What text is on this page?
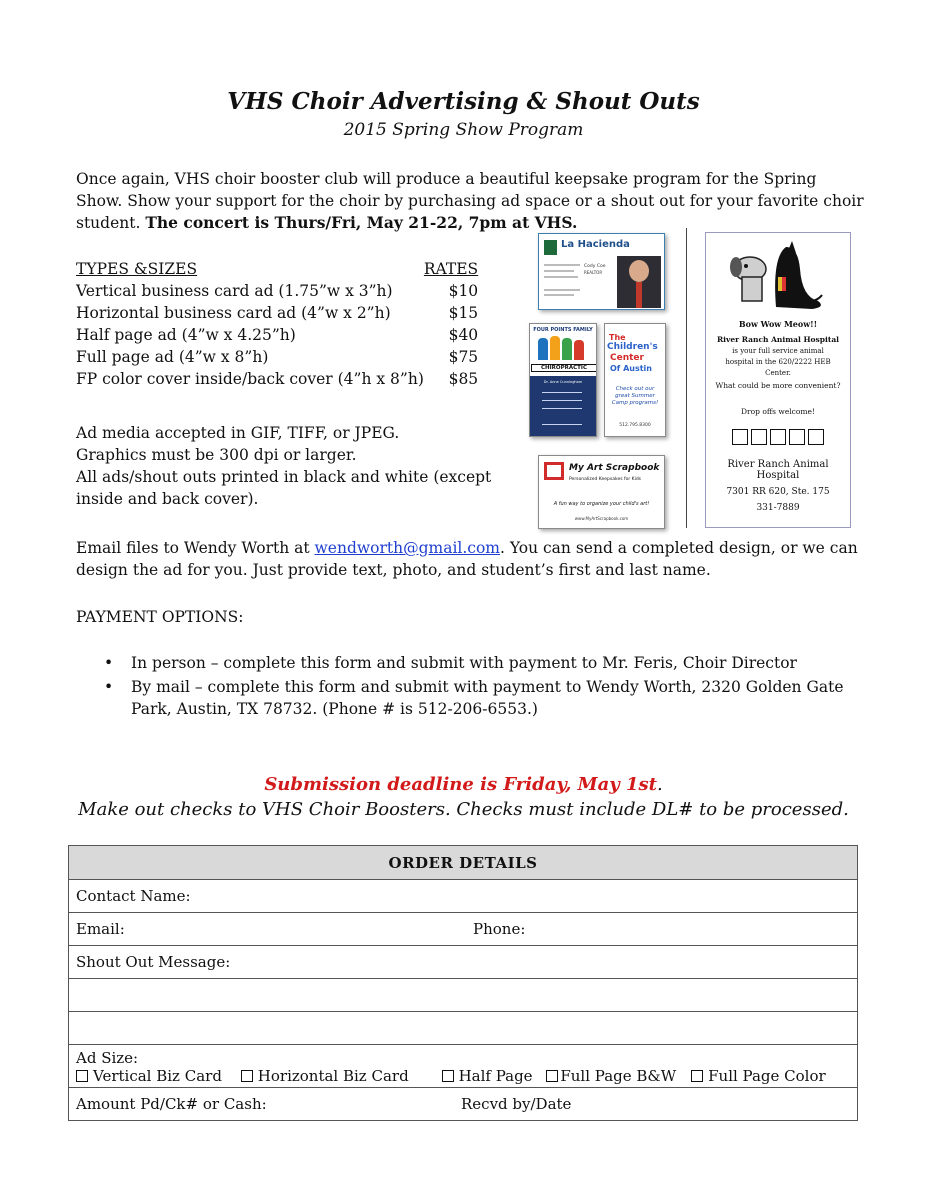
VHS Choir Advertising & Shout Outs
2015 Spring Show Program
Once again, VHS choir booster club will produce a beautiful keepsake program for the Spring Show. Show your support for the choir by purchasing ad space or a shout out for your favorite choir student. The concert is Thurs/Fri, May 21-22, 7pm at VHS.
TYPES &SIZES	RATES
Vertical business card ad (1.75”w x 3”h)	$10
Horizontal business card ad (4”w x 2”h)	$15
Half page ad (4”w x 4.25”h)	$40
Full page ad (4”w x 8”h)	$75
FP color cover inside/back cover (4”h x 8”h)	$85
Ad media accepted in GIF, TIFF, or JPEG.
Graphics must be 300 dpi or larger.
All ads/shout outs printed in black and white (except inside and back cover).
La Hacienda
Cody Coe
REALTOR
FOUR POINTS FAMILY
CHIROPRACTIC
Dr. Anne Cunningham
The
Children's
Center
Of Austin
Check out our great Summer Camp programs!
512.795.8300
My Art Scrapbook
Personalized Keepsakes for Kids
A fun way to organize your child's art!
www.MyArtScrapbook.com
Bow Wow Meow!!
River Ranch Animal Hospital
is your full service animal hospital in the 620/2222 HEB Center.
What could be more convenient?
Drop offs welcome!
River Ranch Animal Hospital
7301 RR 620, Ste. 175
331-7889
Email files to Wendy Worth at wendworth@gmail.com. You can send a completed design, or we can design the ad for you. Just provide text, photo, and student’s first and last name.
PAYMENT OPTIONS:
•	In person – complete this form and submit with payment to Mr. Feris, Choir Director
•	By mail – complete this form and submit with payment to Wendy Worth, 2320 Golden Gate Park, Austin, TX 78732. (Phone # is 512-206-6553.)
Submission deadline is Friday, May 1st.
Make out checks to VHS Choir Boosters. Checks must include DL# to be processed.
ORDER DETAILS
Contact Name:
Email:	Phone:
Shout Out Message:

Ad Size:
Vertical Biz Card Horizontal Biz Card	Half Page Full Page B&W Full Page Color

Amount Pd/Ck# or Cash:	Recvd by/Date
